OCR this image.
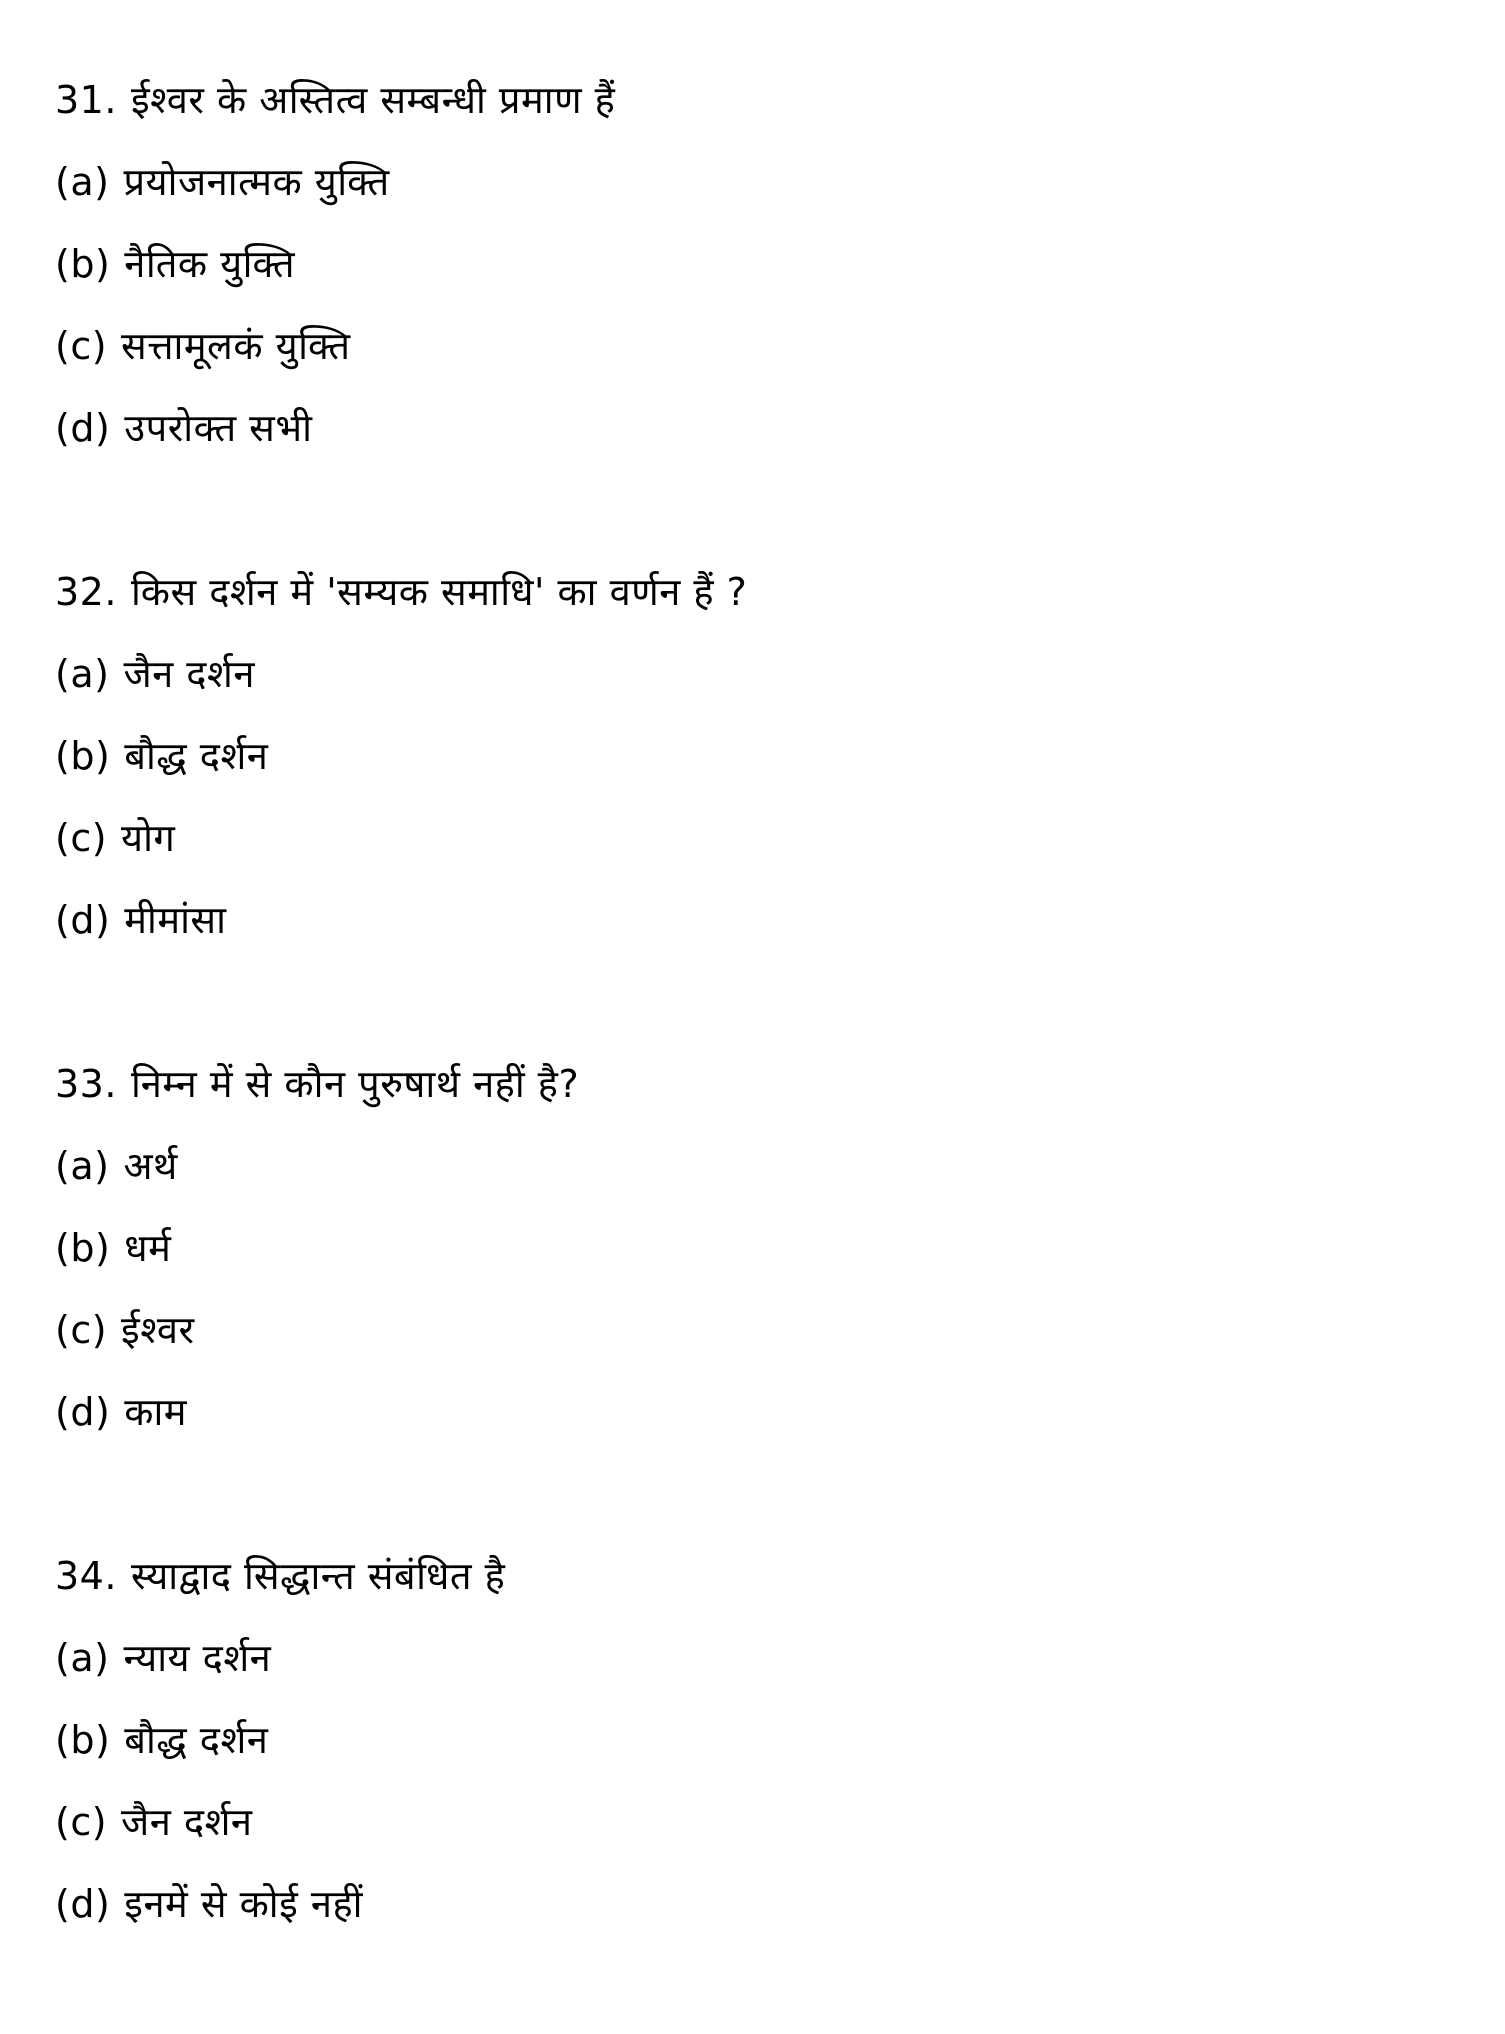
31. ईश्वर के अस्तित्व सम्बन्धी प्रमाण हैं
(a) प्रयोजनात्मक युक्ति
(b) नैतिक युक्ति
(c) सत्तामूलकं युक्ति
(d) उपरोक्त सभी
32. किस दर्शन में 'सम्यक समाधि' का वर्णन हैं ?
(a) जैन दर्शन
(b) बौद्ध दर्शन
(c) योग
(d) मीमांसा
33. निम्न में से कौन पुरुषार्थ नहीं है?
(a) अर्थ
(b) धर्म
(c) ईश्वर
(d) काम
34. स्याद्वाद सिद्धान्त संबंधित है
(a) न्याय दर्शन
(b) बौद्ध दर्शन
(c) जैन दर्शन
(d) इनमें से कोई नहीं
